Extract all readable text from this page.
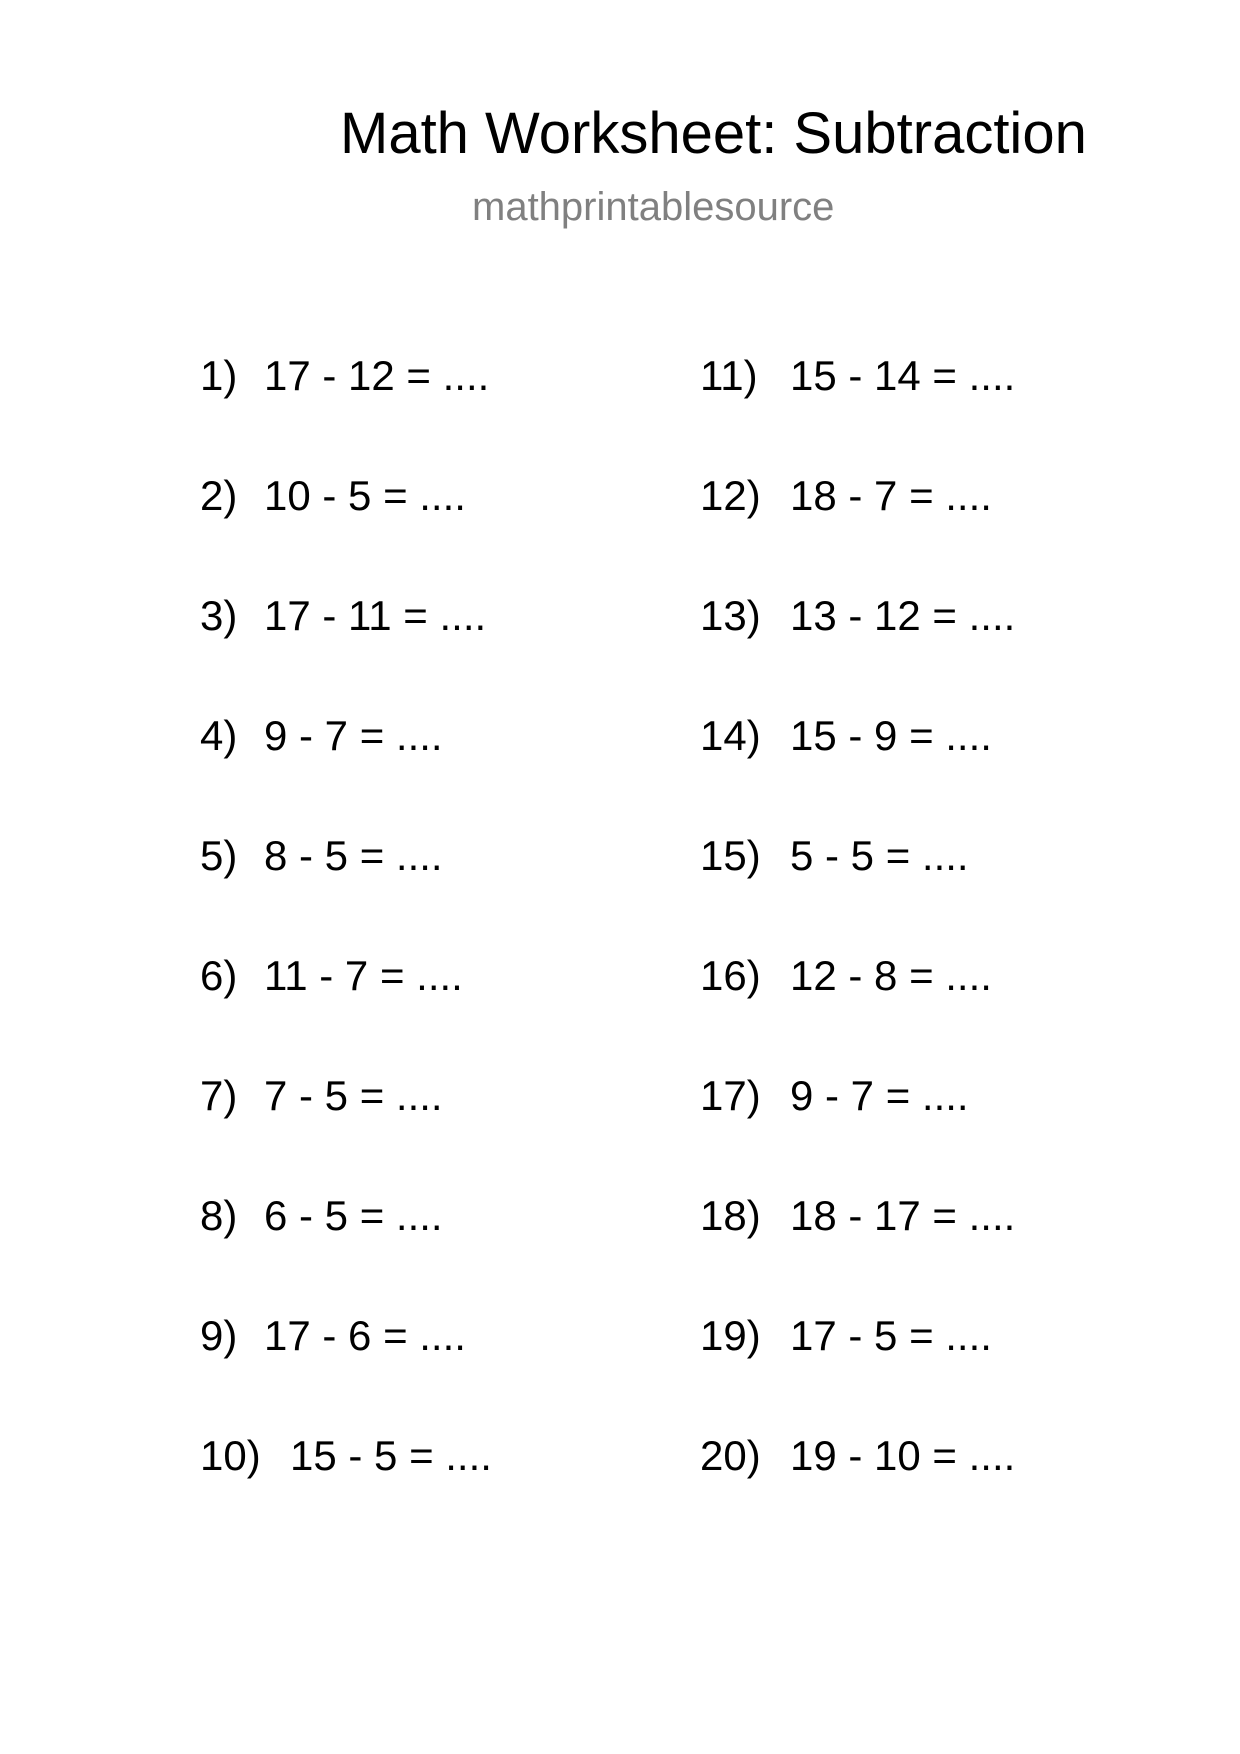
Math Worksheet: Subtraction
mathprintablesource
1) 17 - 12 = ....
2) 10 - 5 = ....
3) 17 - 11 = ....
4) 9 - 7 = ....
5) 8 - 5 = ....
6) 11 - 7 = ....
7) 7 - 5 = ....
8) 6 - 5 = ....
9) 17 - 6 = ....
10) 15 - 5 = ....
11) 15 - 14 = ....
12) 18 - 7 = ....
13) 13 - 12 = ....
14) 15 - 9 = ....
15) 5 - 5 = ....
16) 12 - 8 = ....
17) 9 - 7 = ....
18) 18 - 17 = ....
19) 17 - 5 = ....
20) 19 - 10 = ....
